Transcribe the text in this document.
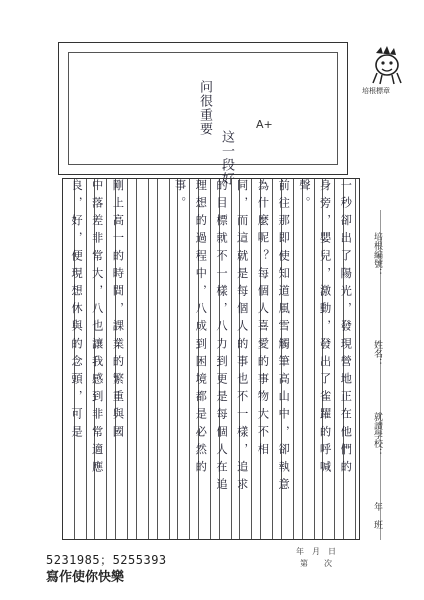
问很重要
这一段好
A+
培根標章
一秒卻出了陽光，發現營地正在他們的
身旁，嬰兒，激動，發出了雀躍的呼喊
聲。
前往那即使知道風雪觸筆高山中，卻執意
為什麼呢？每個人喜愛的事物大不相
同，而這就是每個人的事也不一樣，追求
的目標就不一樣，八力到更是每個人在追
理想的過程中，八成到困境都是必然的
事。
剛上高一的時間，課業的繁重與國
中落差非常大，八也讓我感到非常適應
良，好，便現想休與的念頭，可是	培根編號：
姓名：
就讀學校：
年　班
5231985；5255393
寫作使你快樂
年　月　日
第　　次
